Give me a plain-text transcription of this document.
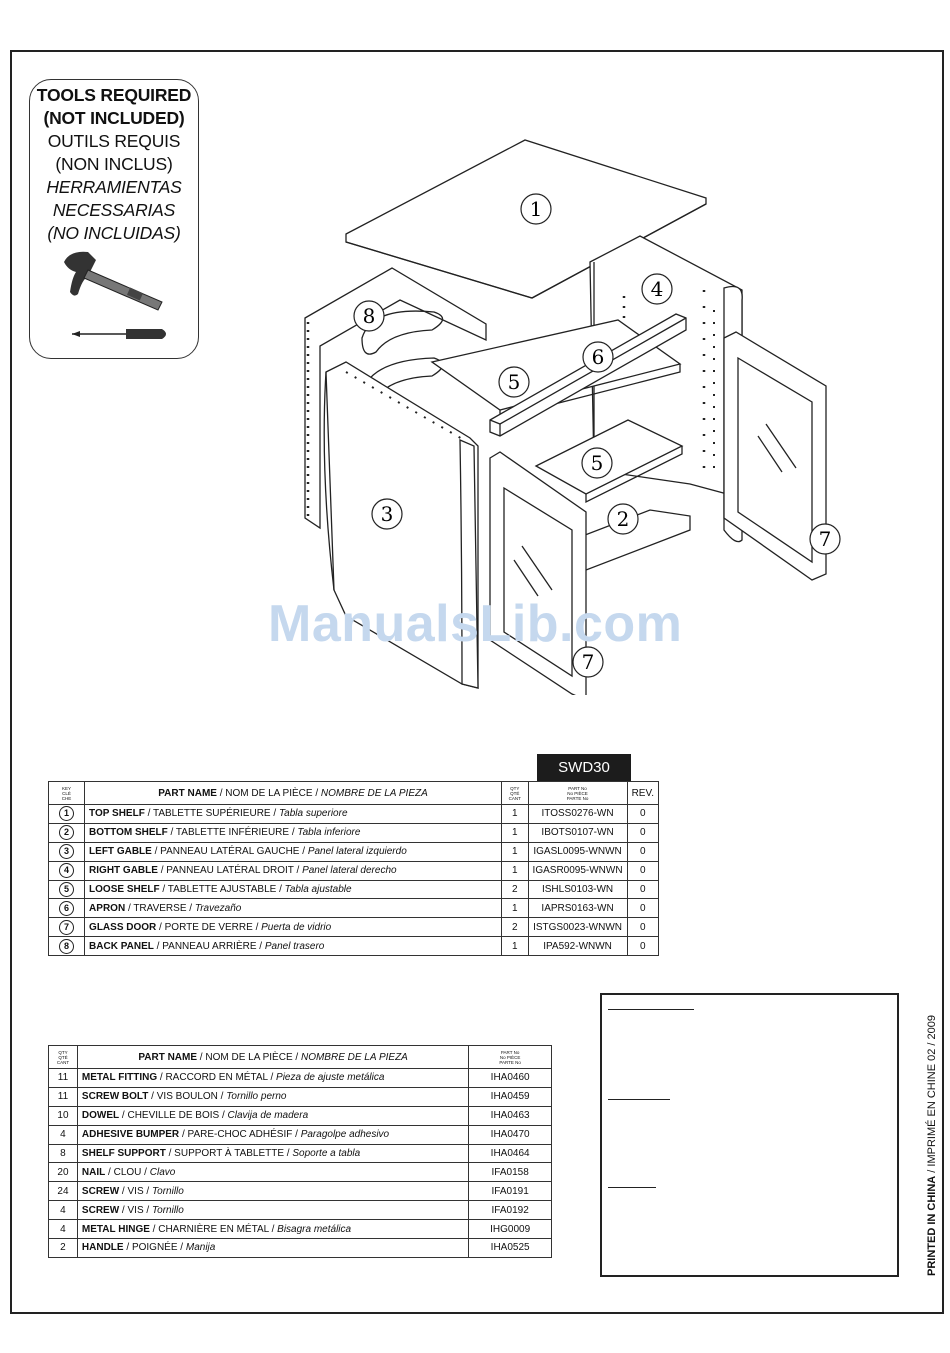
TOOLS REQUIRED
(NOT INCLUDED)
OUTILS REQUIS
(NON INCLUS)
HERRAMIENTAS
NECESSARIAS
(NO INCLUIDAS)
1
2
3
4
5
5
6
7
7
8
ManualsLib.com
SWD30
KEY
CLÉ
CHE	PART NAME / NOM DE LA PIÈCE / NOMBRE DE LA PIEZA	QTY
QTÉ
CANT	PART No
No PIÈCE
PARTE No	REV.
1	TOP SHELF / TABLETTE SUPÉRIEURE / Tabla superiore	1	ITOSS0276-WN	0
2	BOTTOM SHELF / TABLETTE INFÉRIEURE / Tabla inferiore	1	IBOTS0107-WN	0
3	LEFT GABLE / PANNEAU LATÉRAL GAUCHE / Panel lateral izquierdo	1	IGASL0095-WNWN	0
4	RIGHT GABLE / PANNEAU LATÉRAL DROIT / Panel lateral derecho	1	IGASR0095-WNWN	0
5	LOOSE SHELF / TABLETTE AJUSTABLE / Tabla ajustable	2	ISHLS0103-WN	0
6	APRON / TRAVERSE / Travezaño	1	IAPRS0163-WN	0
7	GLASS DOOR / PORTE DE VERRE / Puerta de vidrio	2	ISTGS0023-WNWN	0
8	BACK PANEL / PANNEAU ARRIÈRE / Panel trasero	1	IPA592-WNWN	0
QTY
QTÉ
CANT	PART NAME / NOM DE LA PIÈCE / NOMBRE DE LA PIEZA	PART No
No PIÈCE
PARTE No

11	METAL FITTING / RACCORD EN MÉTAL / Pieza de ajuste metálica	IHA0460
11	SCREW BOLT / VIS BOULON / Tornillo perno	IHA0459
10	DOWEL / CHEVILLE DE BOIS / Clavija de madera	IHA0463
4	ADHESIVE BUMPER / PARE-CHOC ADHÉSIF / Paragolpe adhesivo	IHA0470
8	SHELF SUPPORT / SUPPORT À TABLETTE / Soporte a tabla	IHA0464
20	NAIL / CLOU / Clavo	IFA0158
24	SCREW / VIS / Tornillo	IFA0191
4	SCREW / VIS / Tornillo	IFA0192
4	METAL HINGE / CHARNIÈRE EN MÉTAL / Bisagra metálica	IHG0009
2	HANDLE / POIGNÉE / Manija	IHA0525	PRINTED IN CHINA / IMPRIMÉ EN CHINE 02 / 2009
